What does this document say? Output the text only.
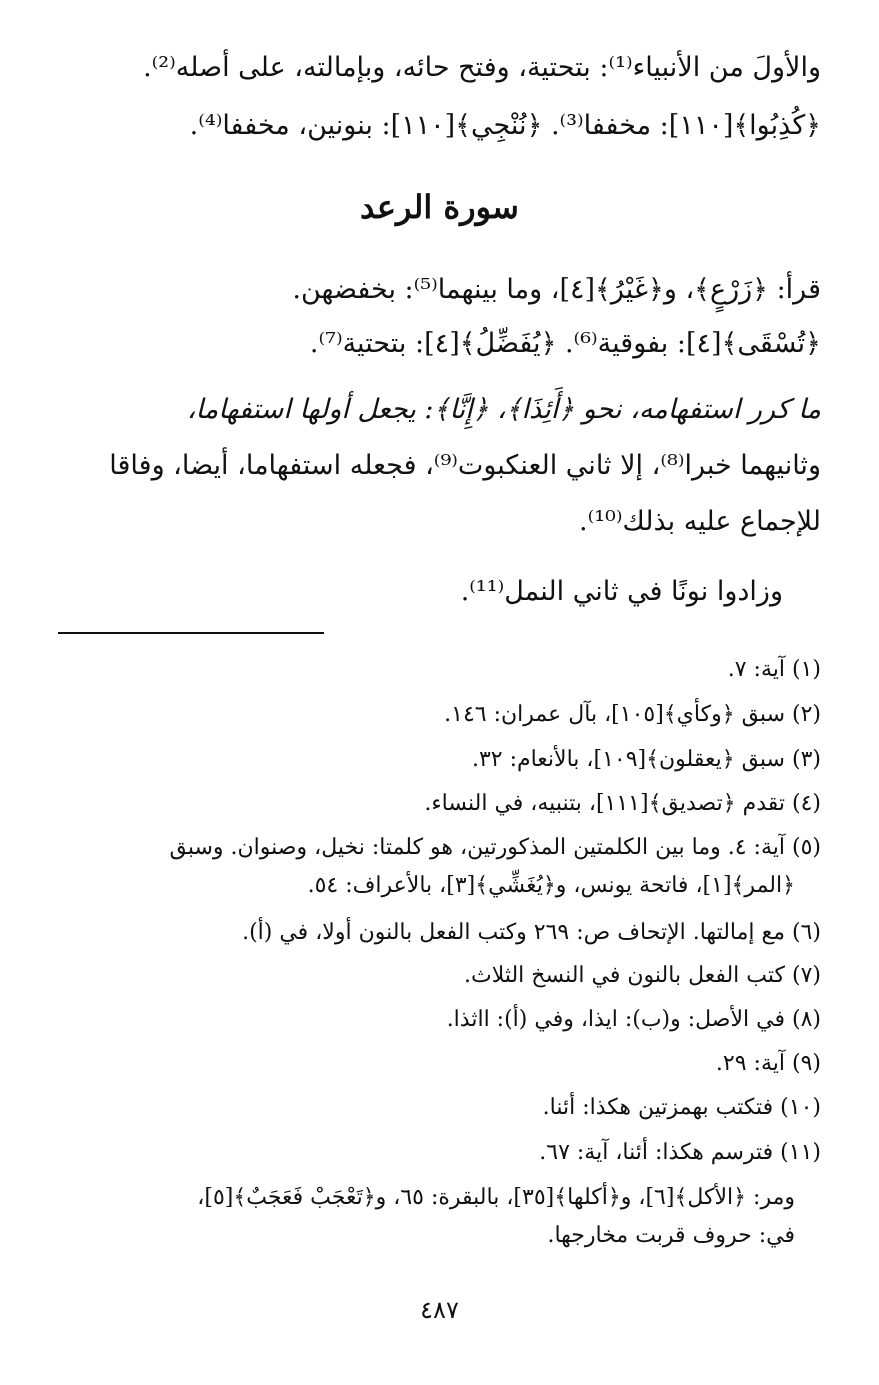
والأولَ من الأنبياء⁽¹⁾: بتحتية، وفتح حائه، وبإمالته، على أصله⁽²⁾.
﴿كُذِبُوا﴾[١١٠]: مخففا⁽³⁾. ﴿نُنْجِي﴾[١١٠]: بنونين، مخففا⁽⁴⁾.
سورة الرعد
قرأ: ﴿زَرْعٍ﴾، و﴿غَيْرُ﴾[٤]، وما بينهما⁽⁵⁾: بخفضهن.
﴿تُسْقَى﴾[٤]: بفوقية⁽⁶⁾. ﴿يُفَضِّلُ﴾[٤]: بتحتية⁽⁷⁾.
ما كرر استفهامه، نحو ﴿أَئِذَا﴾، ﴿إِنَّا﴾: يجعل أولها استفهاما،
وثانيهما خبرا⁽⁸⁾، إلا ثاني العنكبوت⁽⁹⁾، فجعله استفهاما، أيضا، وفاقا
للإجماع عليه بذلك⁽¹⁰⁾.
وزادوا نونًا في ثاني النمل⁽¹¹⁾.
(١) آية: ٧.
(٢) سبق ﴿وكأي﴾[١٠٥]، بآل عمران: ١٤٦.
(٣) سبق ﴿يعقلون﴾[١٠٩]، بالأنعام: ٣٢.
(٤) تقدم ﴿تصديق﴾[١١١]، بتنبيه، في النساء.
(٥) آية: ٤. وما بين الكلمتين المذكورتين، هو كلمتا: نخيل، وصنوان. وسبق
﴿المر﴾[١]، فاتحة يونس، و﴿يُغَشِّي﴾[٣]، بالأعراف: ٥٤.
(٦) مع إمالتها. الإتحاف ص: ٢٦٩ وكتب الفعل بالنون أولا، في (أ).
(٧) كتب الفعل بالنون في النسخ الثلاث.
(٨) في الأصل: و(ب): ايذا، وفي (أ): ااثذا.
(٩) آية: ٢٩.
(١٠) فتكتب بهمزتين هكذا: أئنا.
(١١) فترسم هكذا: أئنا، آية: ٦٧.
ومر: ﴿الأكل﴾[٦]، و﴿أكلها﴾[٣٥]، بالبقرة: ٦٥، و﴿تَعْجَبْ فَعَجَبٌ﴾[٥]،
في: حروف قربت مخارجها.
٤٨٧
